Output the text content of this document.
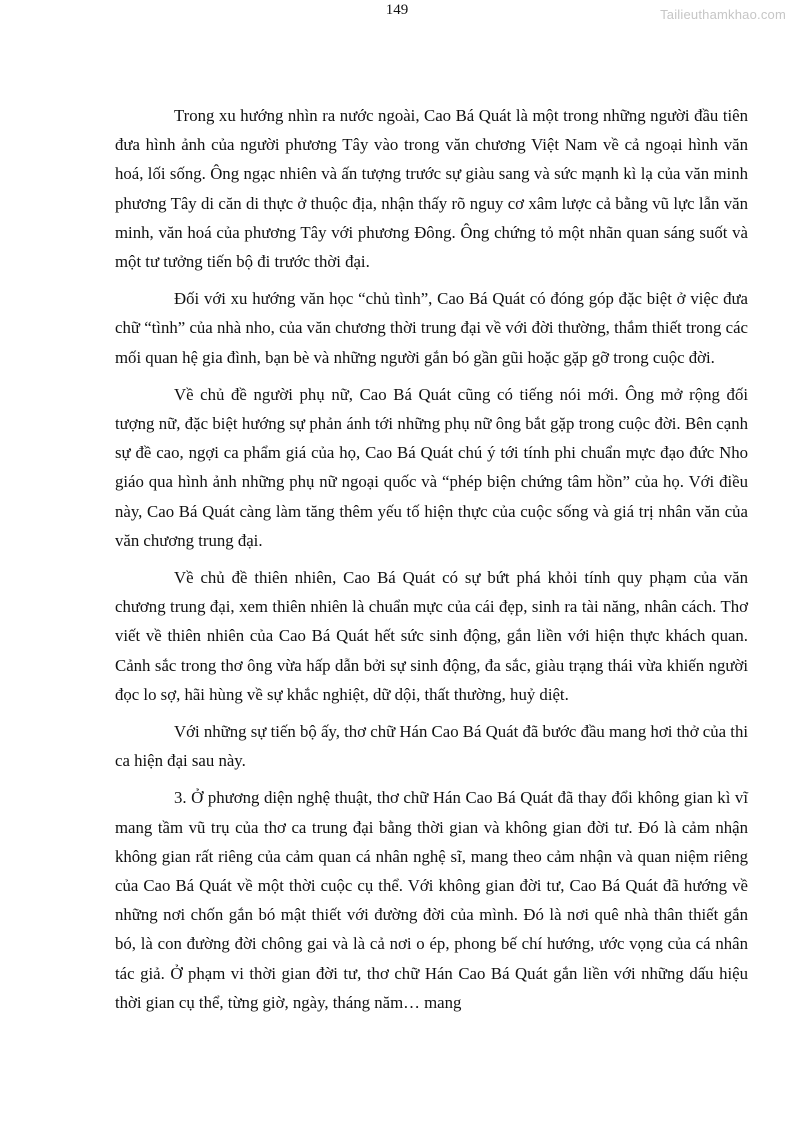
149	Tailieuthamkhao.com

Trong xu hướng nhìn ra nước ngoài, Cao Bá Quát là một trong những người đầu tiên đưa hình ảnh của người phương Tây vào trong văn chương Việt Nam về cả ngoại hình văn hoá, lối sống. Ông ngạc nhiên và ấn tượng trước sự giàu sang và sức mạnh kì lạ của văn minh phương Tây di căn di thực ở thuộc địa, nhận thấy rõ nguy cơ xâm lược cả bằng vũ lực lẫn văn minh, văn hoá của phương Tây với phương Đông. Ông chứng tỏ một nhãn quan sáng suốt và một tư tưởng tiến bộ đi trước thời đại.

Đối với xu hướng văn học “chủ tình”, Cao Bá Quát có đóng góp đặc biệt ở việc đưa chữ “tình” của nhà nho, của văn chương thời trung đại về với đời thường, thắm thiết trong các mối quan hệ gia đình, bạn bè và những người gắn bó gần gũi hoặc gặp gỡ trong cuộc đời.

Về chủ đề người phụ nữ, Cao Bá Quát cũng có tiếng nói mới. Ông mở rộng đối tượng nữ, đặc biệt hướng sự phản ánh tới những phụ nữ ông bắt gặp trong cuộc đời. Bên cạnh sự đề cao, ngợi ca phẩm giá của họ, Cao Bá Quát chú ý tới tính phi chuẩn mực đạo đức Nho giáo qua hình ảnh những phụ nữ ngoại quốc và “phép biện chứng tâm hồn” của họ. Với điều này, Cao Bá Quát càng làm tăng thêm yếu tố hiện thực của cuộc sống và giá trị nhân văn của văn chương trung đại.

Về chủ đề thiên nhiên, Cao Bá Quát có sự bứt phá khỏi tính quy phạm của văn chương trung đại, xem thiên nhiên là chuẩn mực của cái đẹp, sinh ra tài năng, nhân cách. Thơ viết về thiên nhiên của Cao Bá Quát hết sức sinh động, gắn liền với hiện thực khách quan. Cảnh sắc trong thơ ông vừa hấp dẫn bởi sự sinh động, đa sắc, giàu trạng thái vừa khiến người đọc lo sợ, hãi hùng về sự khắc nghiệt, dữ dội, thất thường, huỷ diệt.

Với những sự tiến bộ ấy, thơ chữ Hán Cao Bá Quát đã bước đầu mang hơi thở của thi ca hiện đại sau này.

3. Ở phương diện nghệ thuật, thơ chữ Hán Cao Bá Quát đã thay đổi không gian kì vĩ mang tầm vũ trụ của thơ ca trung đại bằng thời gian và không gian đời tư. Đó là cảm nhận không gian rất riêng của cảm quan cá nhân nghệ sĩ, mang theo cảm nhận và quan niệm riêng của Cao Bá Quát về một thời cuộc cụ thể. Với không gian đời tư, Cao Bá Quát đã hướng về những nơi chốn gắn bó mật thiết với đường đời của mình. Đó là nơi quê nhà thân thiết gắn bó, là con đường đời chông gai và là cả nơi o ép, phong bế chí hướng, ước vọng của cá nhân tác giả. Ở phạm vi thời gian đời tư, thơ chữ Hán Cao Bá Quát gắn liền với những dấu hiệu thời gian cụ thể, từng giờ, ngày, tháng năm… mang
